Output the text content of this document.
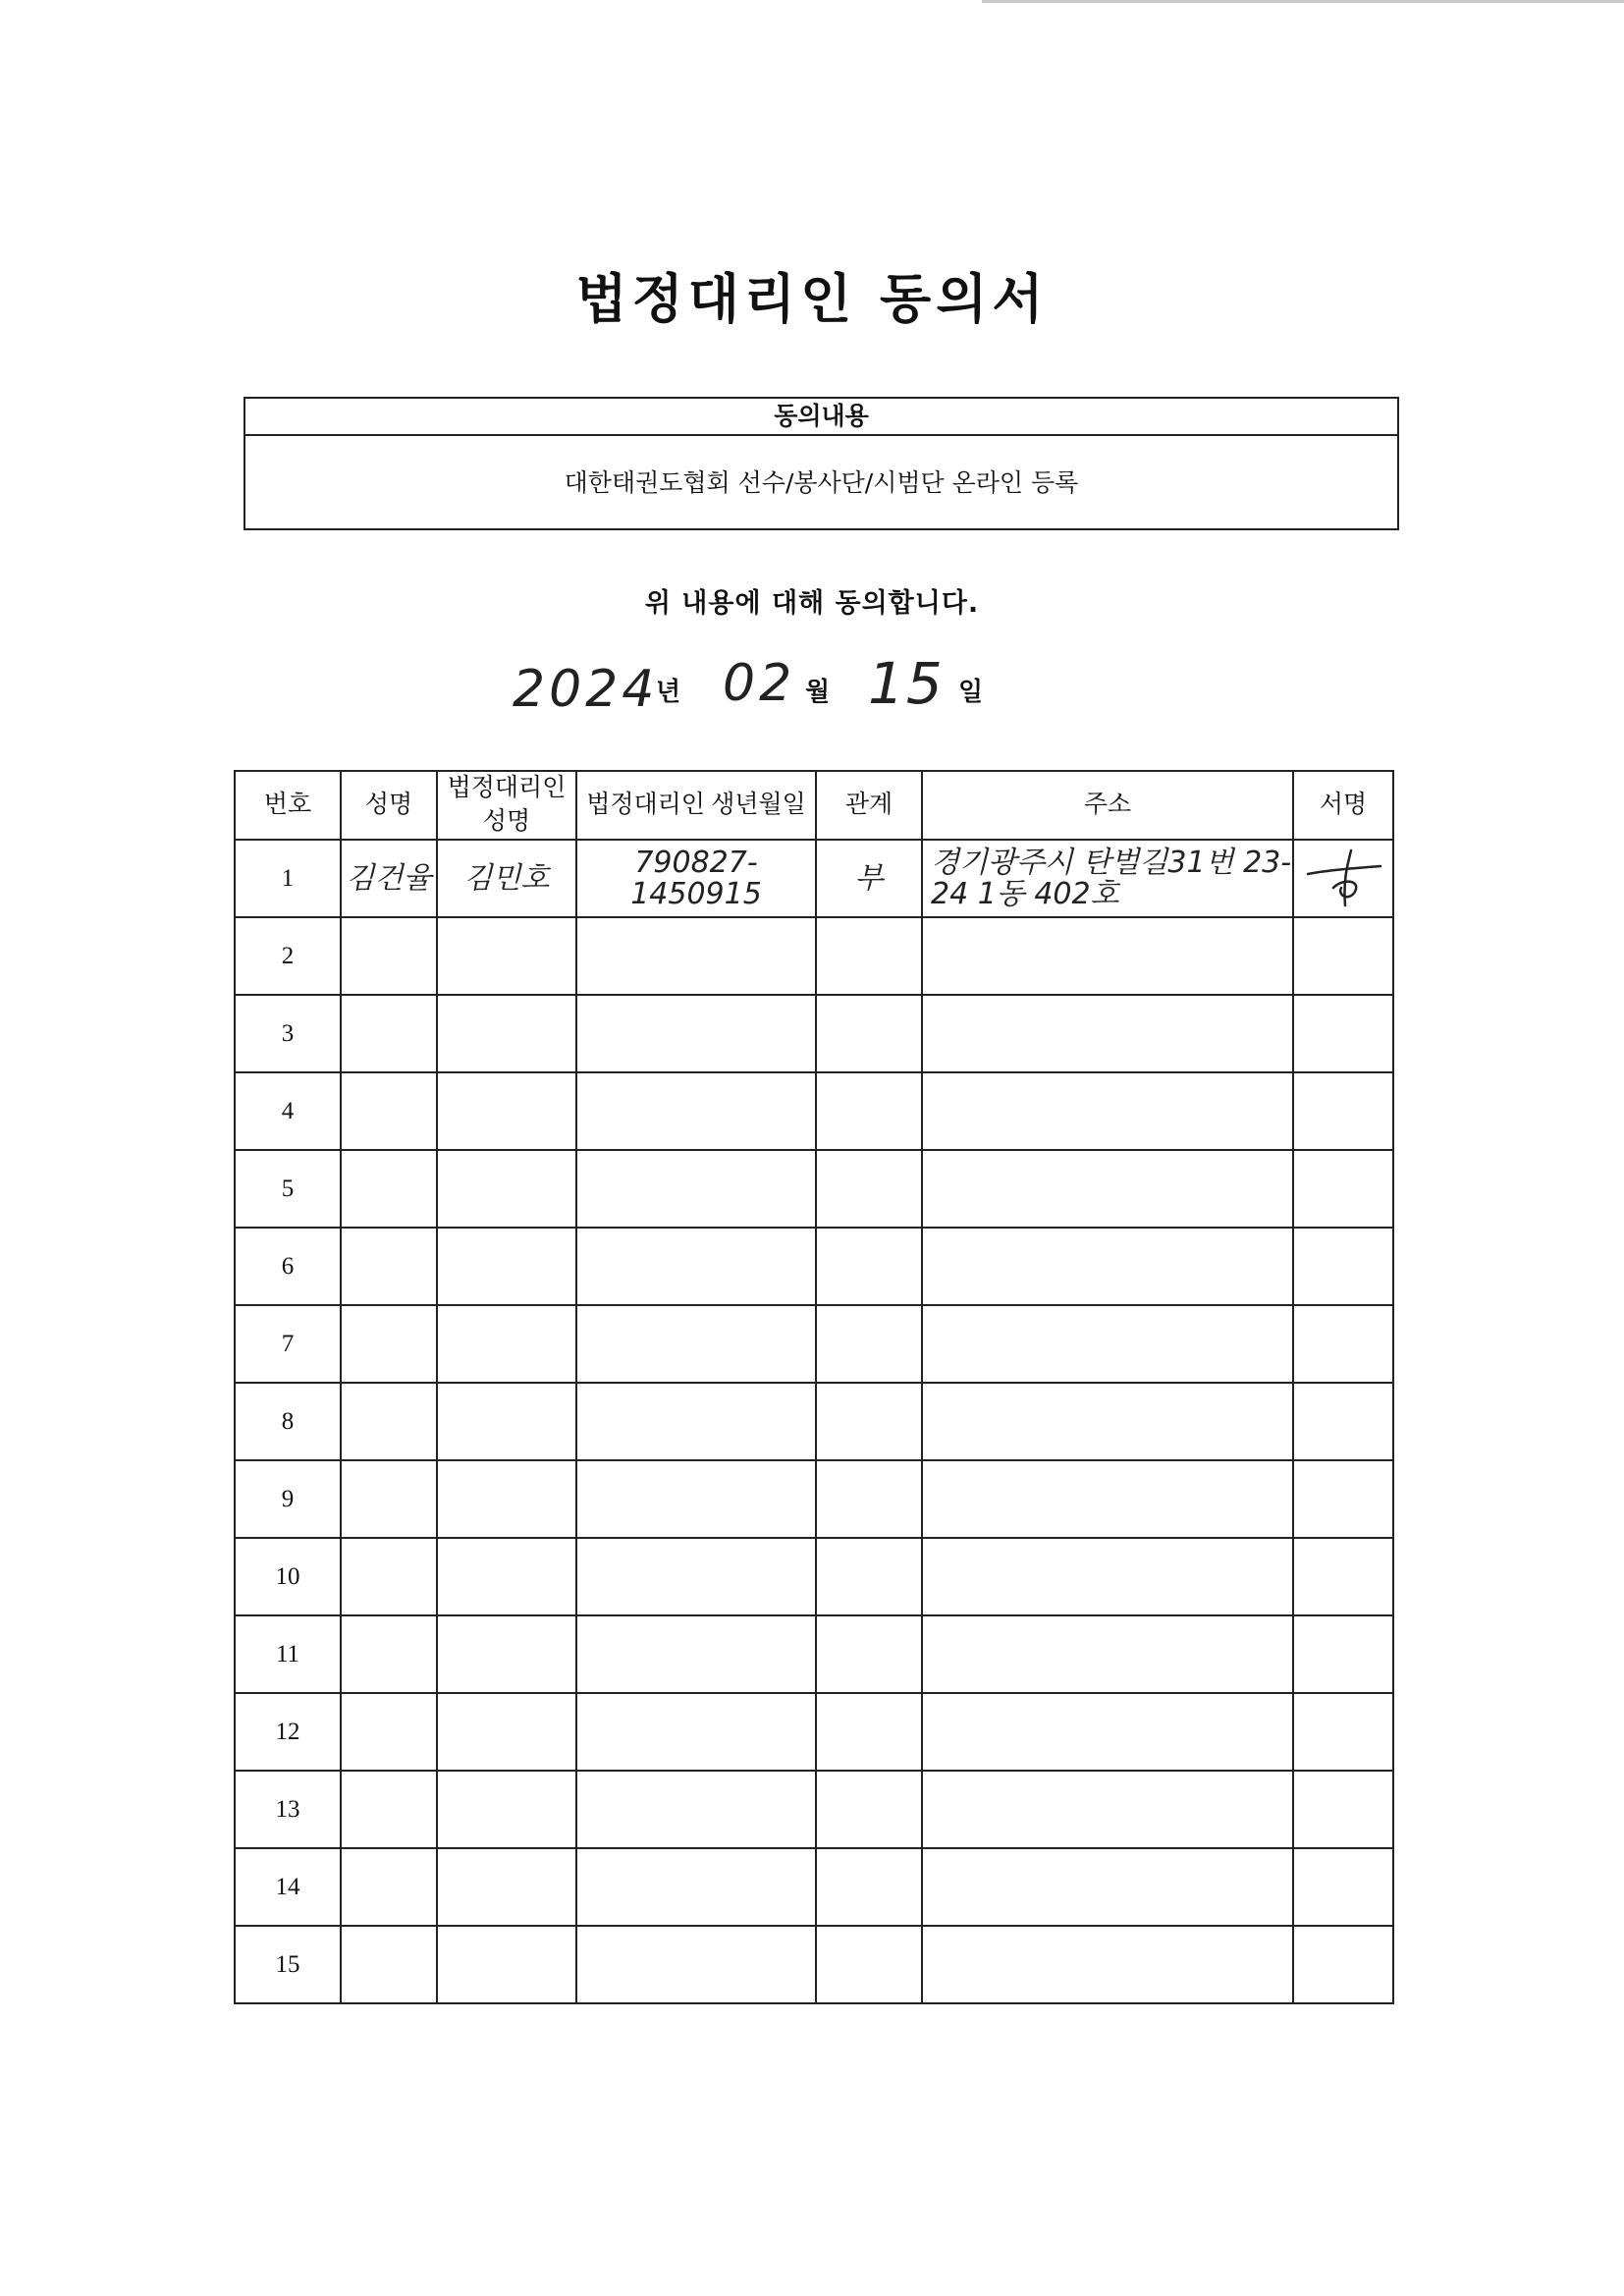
법정대리인 동의서
동의내용
대한태권도협회 선수/봉사단/시범단 온라인 등록
위 내용에 대해 동의합니다.
2024
년 02 월 15 일
번호	성명	법정대리인 성명	법정대리인 생년월일	관계	주소	서명
1	김건율	김민호	790827-1450915	부	경기광주시 탄벌길31번 23-24 1동 402호	

2						
3						
4						
5						
6						
7						
8						
9						
10						
11						
12						
13						
14						
15						
